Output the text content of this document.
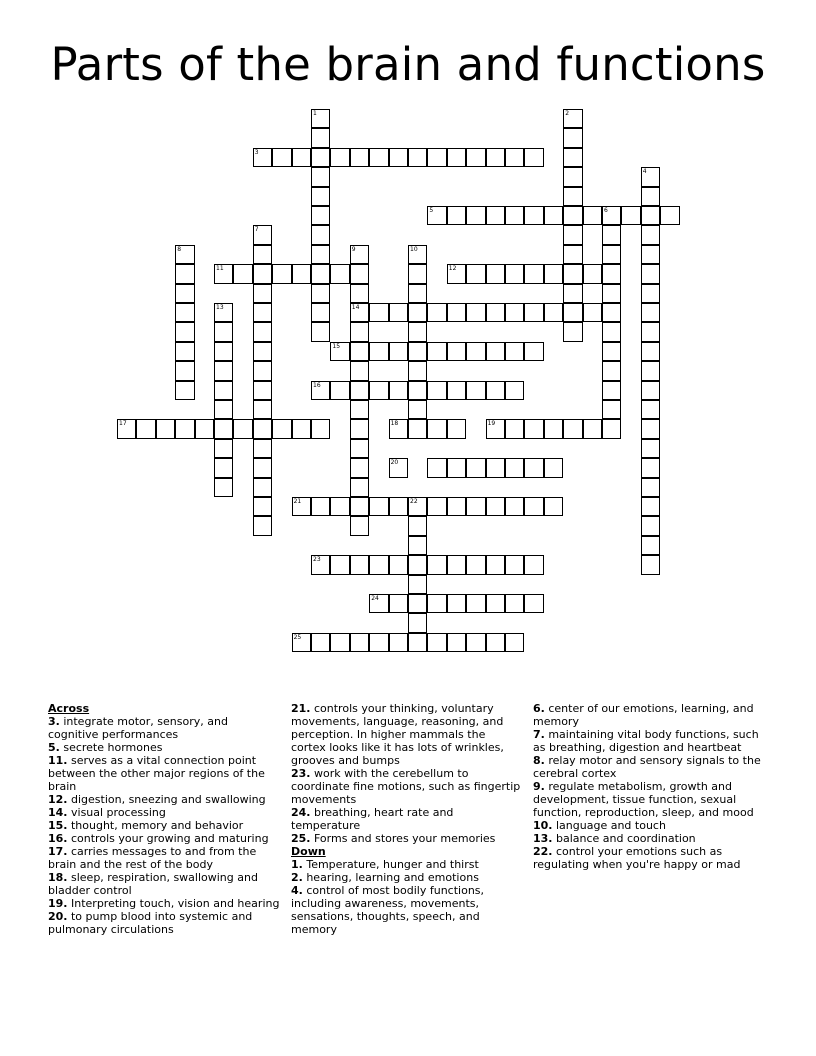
Parts of the brain and functions
1	2
3
4
5	6
7
8	9
14
10
11	12
13
15
16
17	18	19
20
21	22
23
24
25
Across
3. integrate motor, sensory, and cognitive performances
5. secrete hormones
11. serves as a vital connection point between the other major regions of the brain
12. digestion, sneezing and swallowing
14. visual processing
15. thought, memory and behavior
16. controls your growing and maturing
17. carries messages to and from the brain and the rest of the body
18. sleep, respiration, swallowing and bladder control
19. Interpreting touch, vision and hearing
20. to pump blood into systemic and pulmonary circulations
21. controls your thinking, voluntary movements, language, reasoning, and perception. In higher mammals the cortex looks like it has lots of wrinkles, grooves and bumps
23. work with the cerebellum to coordinate fine motions, such as fingertip movements
24. breathing, heart rate and temperature
25. Forms and stores your memories
Down
1. Temperature, hunger and thirst
2. hearing, learning and emotions
4. control of most bodily functions, including awareness, movements, sensations, thoughts, speech, and memory
6. center of our emotions, learning, and memory
7. maintaining vital body functions, such as breathing, digestion and heartbeat
8. relay motor and sensory signals to the cerebral cortex
9. regulate metabolism, growth and development, tissue function, sexual function, reproduction, sleep, and mood
10. language and touch
13. balance and coordination
22. control your emotions such as regulating when you're happy or mad
